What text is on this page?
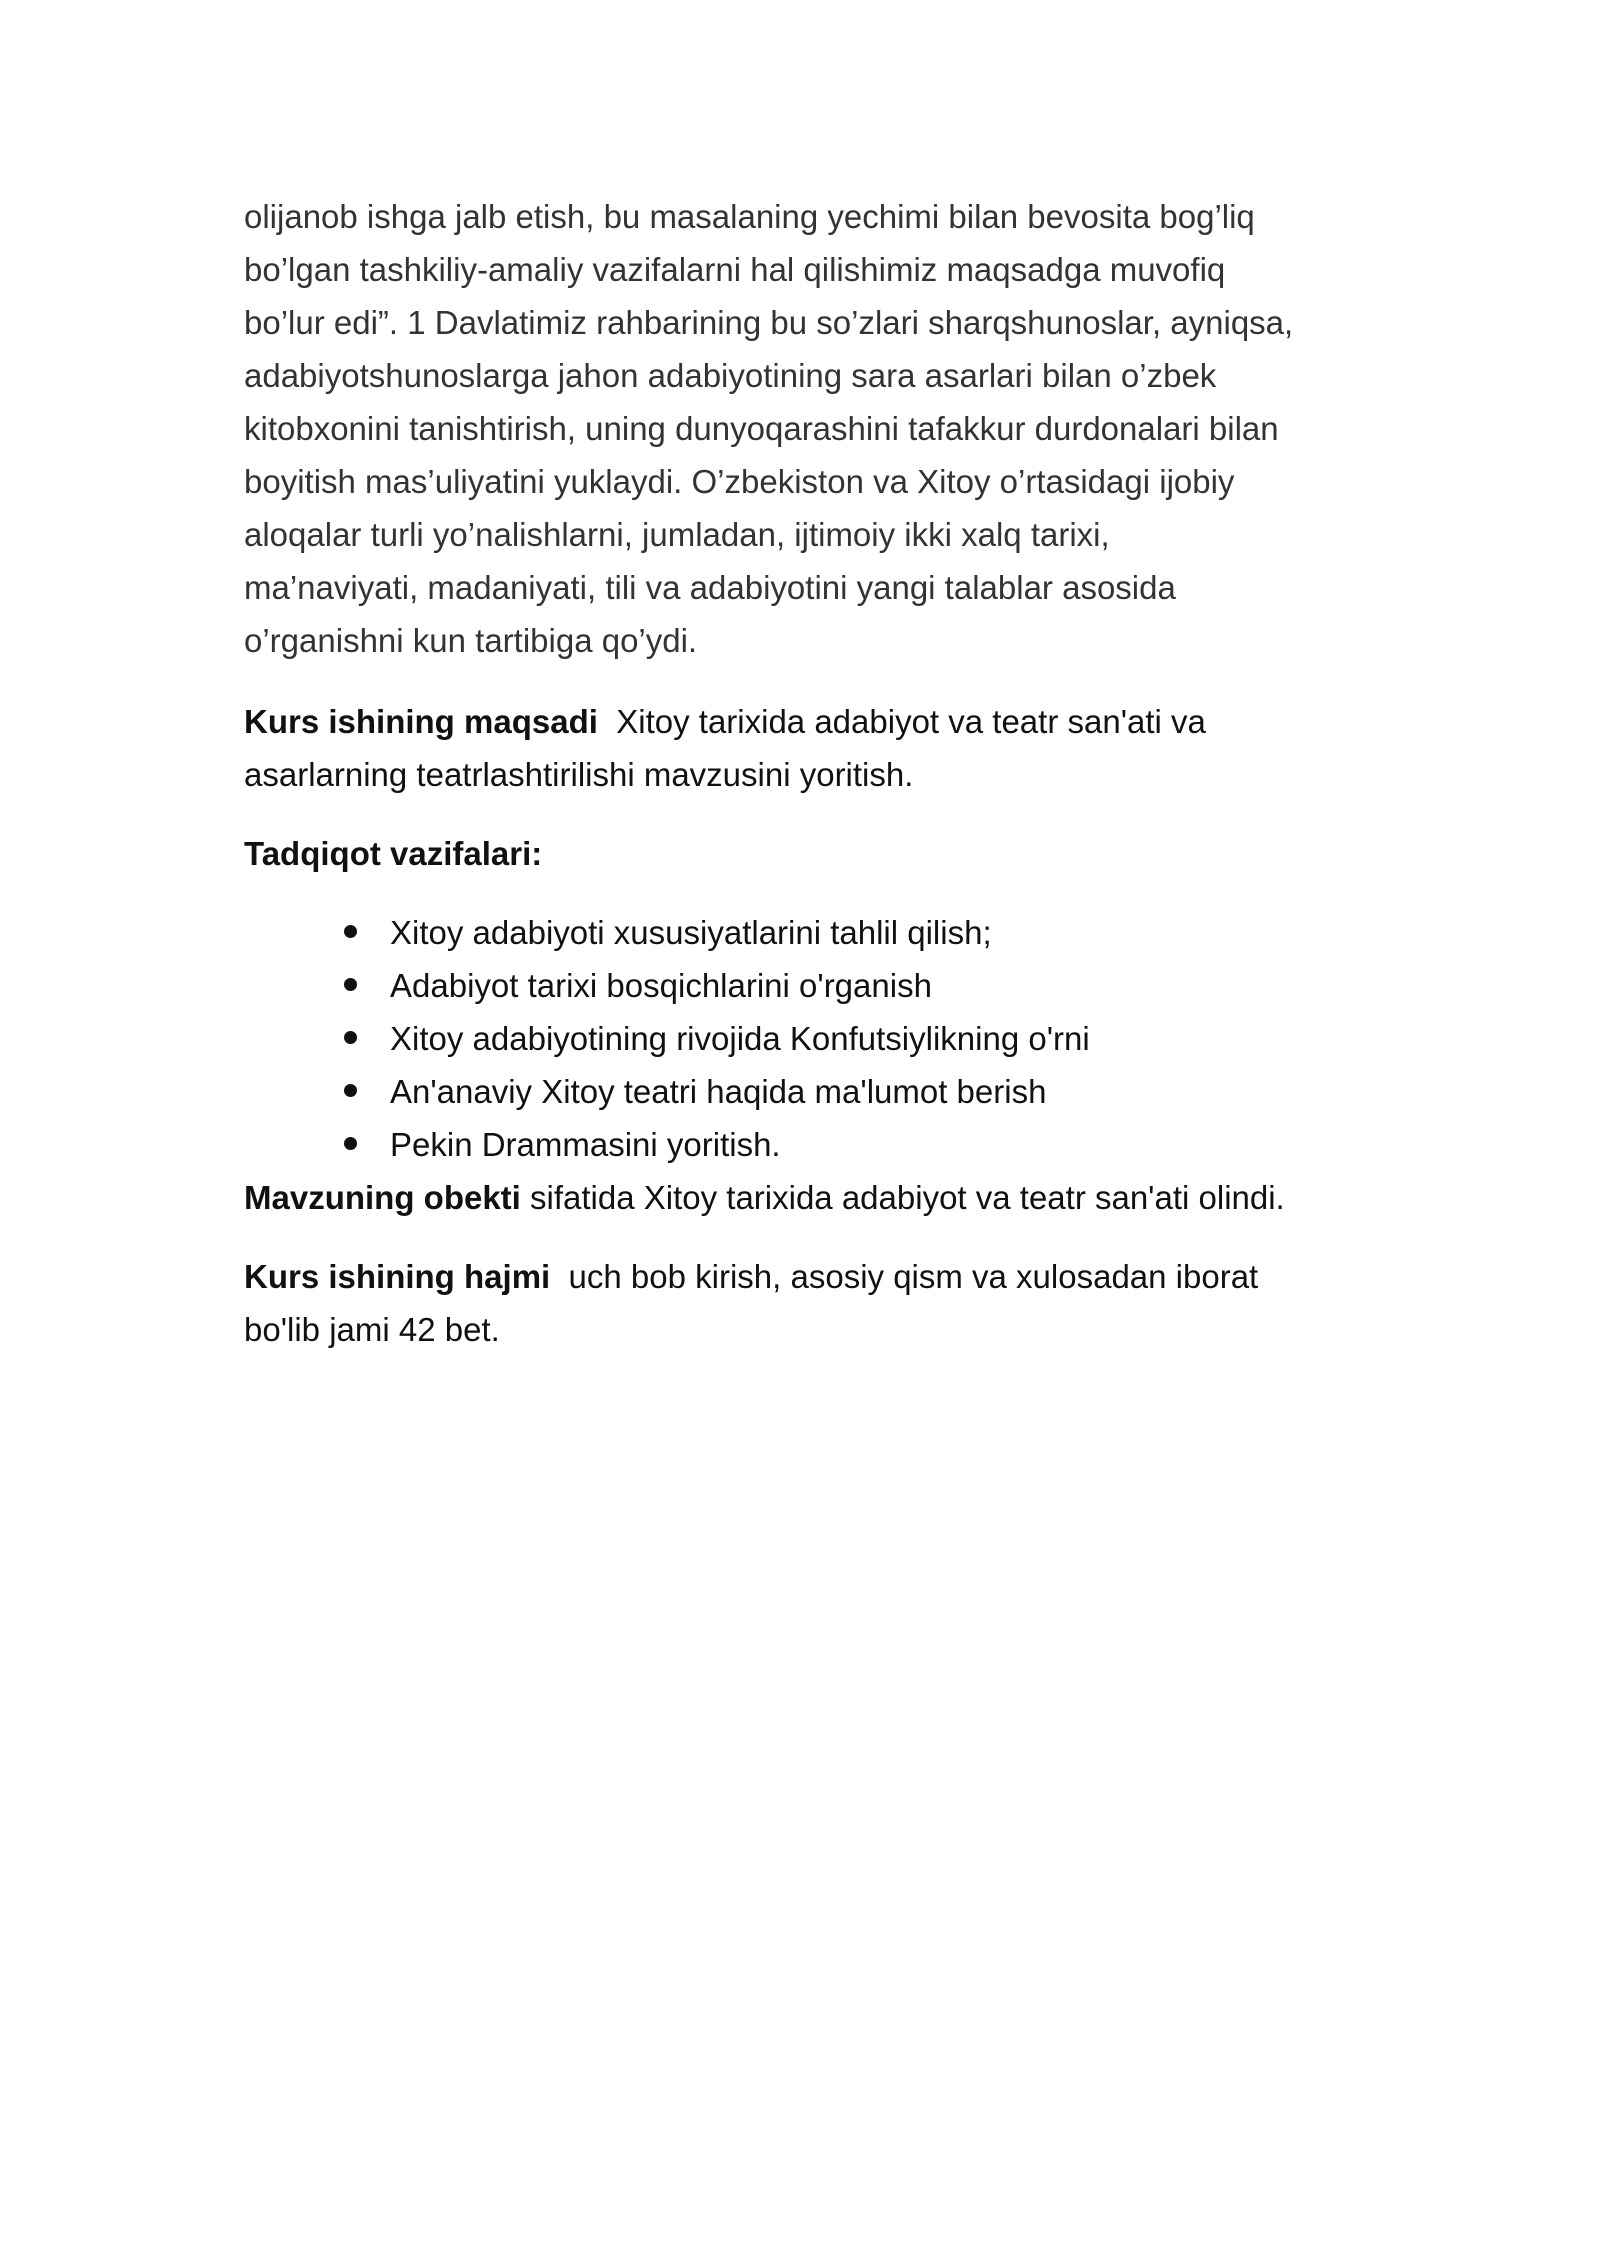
olijanob ishga jalb etish, bu masalaning yechimi bilan bevosita bog’liq
bo’lgan tashkiliy-amaliy vazifalarni hal qilishimiz maqsadga muvofiq
bo’lur edi”. 1 Davlatimiz rahbarining bu so’zlari sharqshunoslar, ayniqsa,
adabiyotshunoslarga jahon adabiyotining sara asarlari bilan o’zbek
kitobxonini tanishtirish, uning dunyoqarashini tafakkur durdonalari bilan
boyitish mas’uliyatini yuklaydi. O’zbekiston va Xitoy o’rtasidagi ijobiy
aloqalar turli yo’nalishlarni, jumladan, ijtimoiy ikki xalq tarixi,
ma’naviyati, madaniyati, tili va adabiyotini yangi talablar asosida
o’rganishni kun tartibiga qo’ydi.
Kurs ishining maqsadi Xitoy tarixida adabiyot va teatr san'ati va
asarlarning teatrlashtirilishi mavzusini yoritish.
Tadqiqot vazifalari:
Xitoy adabiyoti xususiyatlarini tahlil qilish;
Adabiyot tarixi bosqichlarini o'rganish
Xitoy adabiyotining rivojida Konfutsiylikning o'rni
An'anaviy Xitoy teatri haqida ma'lumot berish
Pekin Drammasini yoritish.
Mavzuning obekti sifatida Xitoy tarixida adabiyot va teatr san'ati olindi.
Kurs ishining hajmi uch bob kirish, asosiy qism va xulosadan iborat
bo'lib jami 42 bet.
